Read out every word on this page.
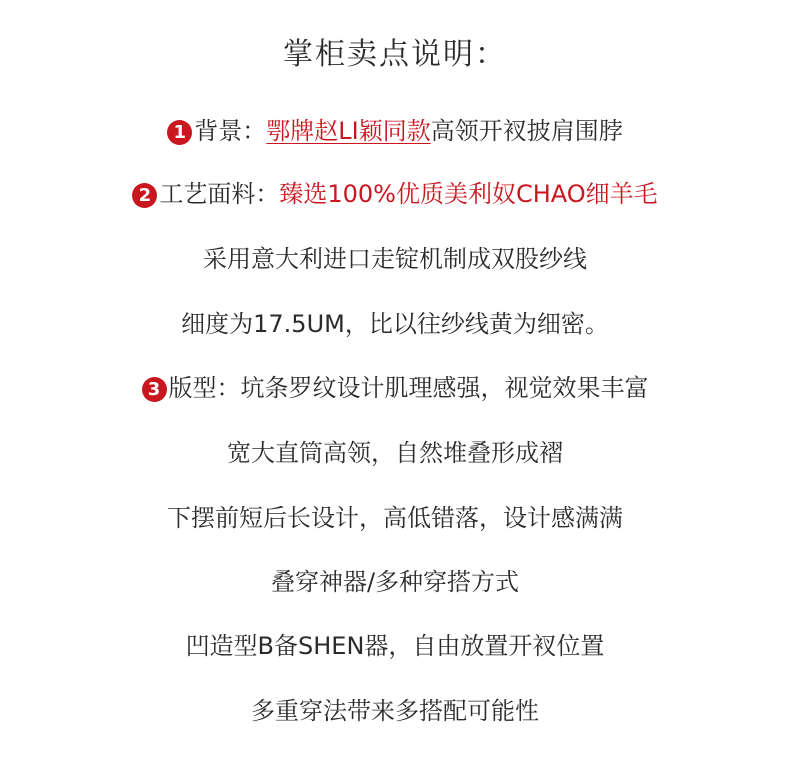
掌柜卖点说明：
1 背景：鄂牌赵LI颖同款高领开衩披肩围脖
2 工艺面料：臻选100%优质美利奴CHAO细羊毛
采用意大利进口走锭机制成双股纱线
细度为17.5UM，比以往纱线黄为细密。
3 版型：坑条罗纹设计肌理感强，视觉效果丰富
宽大直筒高领，自然堆叠形成褶
下摆前短后长设计，高低错落，设计感满满
叠穿神器/多种穿搭方式
凹造型B备SHEN器，自由放置开衩位置
多重穿法带来多搭配可能性
